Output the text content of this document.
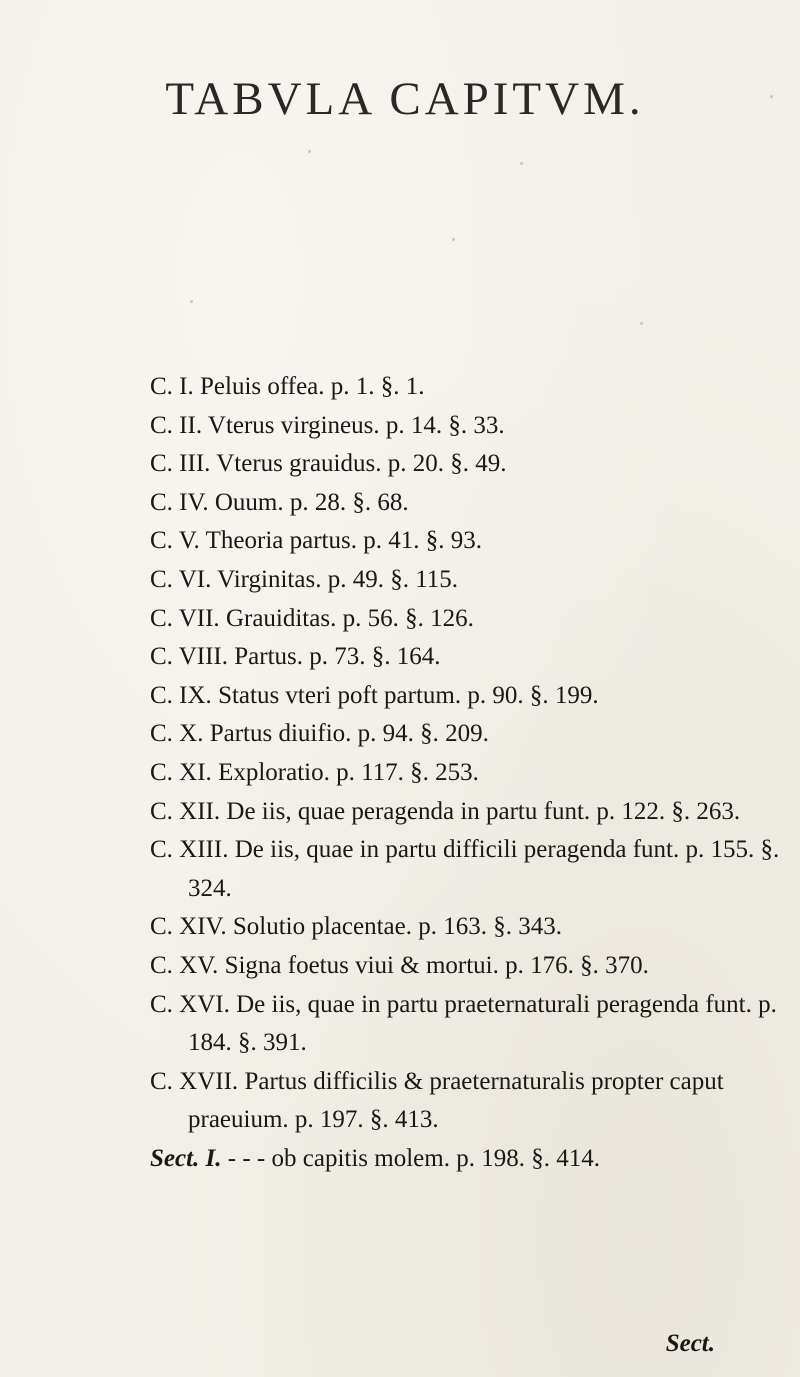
TABVLA CAPITVM.
C. I. Peluis offea. p. 1. §. 1.
C. II. Vterus virgineus. p. 14. §. 33.
C. III. Vterus grauidus. p. 20. §. 49.
C. IV. Ouum. p. 28. §. 68.
C. V. Theoria partus. p. 41. §. 93.
C. VI. Virginitas. p. 49. §. 115.
C. VII. Grauiditas. p. 56. §. 126.
C. VIII. Partus. p. 73. §. 164.
C. IX. Status vteri poft partum. p. 90. §. 199.
C. X. Partus diuifio. p. 94. §. 209.
C. XI. Exploratio. p. 117. §. 253.
C. XII. De iis, quae peragenda in partu funt. p. 122. §. 263.
C. XIII. De iis, quae in partu difficili peragenda funt. p. 155. §. 324.
C. XIV. Solutio placentae. p. 163. §. 343.
C. XV. Signa foetus viui & mortui. p. 176. §. 370.
C. XVI. De iis, quae in partu praeternaturali peragenda funt. p. 184. §. 391.
C. XVII. Partus difficilis & praeternaturalis propter caput praeuium. p. 197. §. 413.
Sect. I. - - - ob capitis molem. p. 198. §. 414.
Sect.
